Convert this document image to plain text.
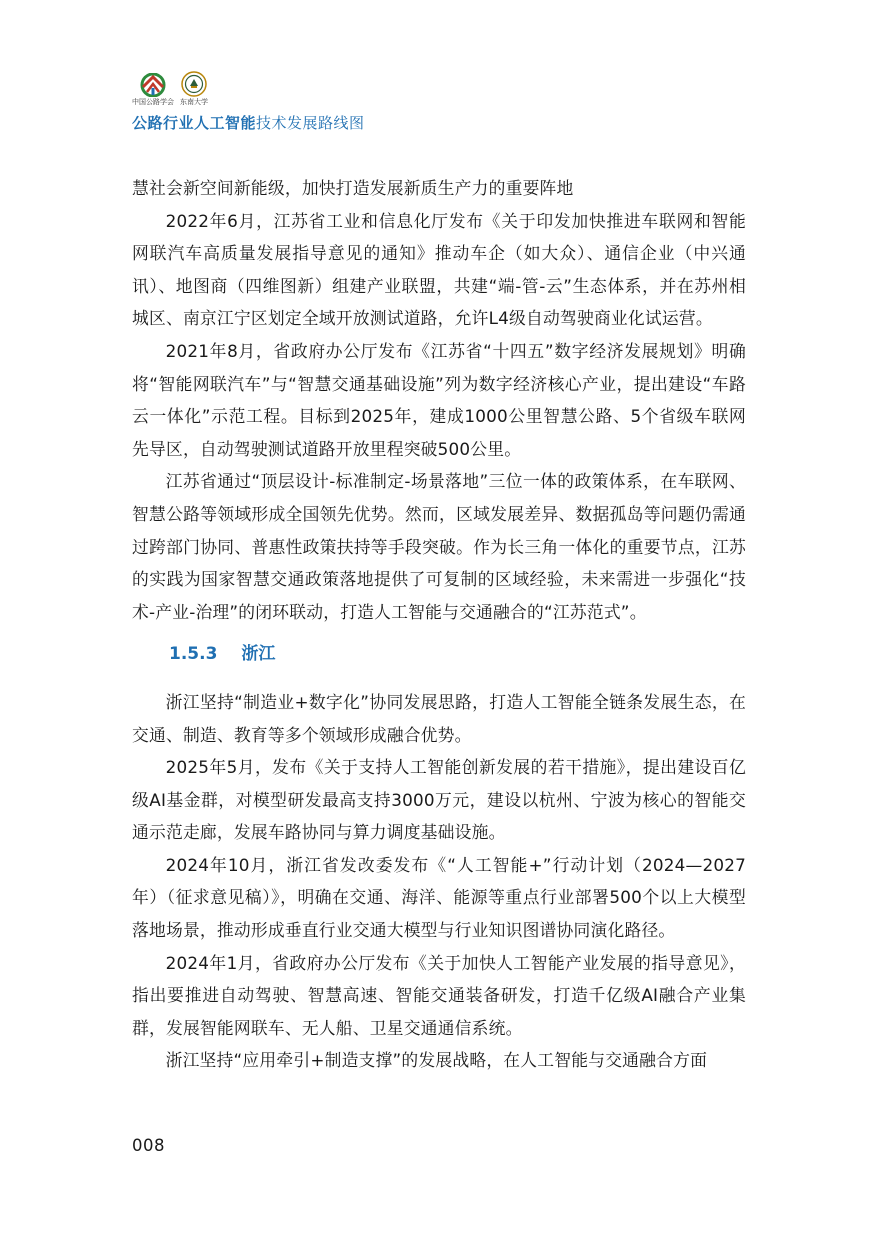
中国公路学会 东南大学
公路行业人工智能技术发展路线图

慧社会新空间新能级，加快打造发展新质生产力的重要阵地

2022年6月，江苏省工业和信息化厅发布《关于印发加快推进车联网和智能网联汽车高质量发展指导意见的通知》推动车企（如大众）、通信企业（中兴通讯）、地图商（四维图新）组建产业联盟，共建“端-管-云”生态体系，并在苏州相城区、南京江宁区划定全域开放测试道路，允许L4级自动驾驶商业化试运营。

2021年8月，省政府办公厅发布《江苏省“十四五”数字经济发展规划》明确将“智能网联汽车”与“智慧交通基础设施”列为数字经济核心产业，提出建设“车路云一体化”示范工程。目标到2025年，建成1000公里智慧公路、5个省级车联网先导区，自动驾驶测试道路开放里程突破500公里。

江苏省通过“顶层设计-标准制定-场景落地”三位一体的政策体系，在车联网、智慧公路等领域形成全国领先优势。然而，区域发展差异、数据孤岛等问题仍需通过跨部门协同、普惠性政策扶持等手段突破。作为长三角一体化的重要节点，江苏的实践为国家智慧交通政策落地提供了可复制的区域经验，未来需进一步强化“技术-产业-治理”的闭环联动，打造人工智能与交通融合的“江苏范式”。

1.5.3 浙江

浙江坚持“制造业+数字化”协同发展思路，打造人工智能全链条发展生态，在交通、制造、教育等多个领域形成融合优势。

2025年5月，发布《关于支持人工智能创新发展的若干措施》，提出建设百亿级AI基金群，对模型研发最高支持3000万元，建设以杭州、宁波为核心的智能交通示范走廊，发展车路协同与算力调度基础设施。

2024年10月，浙江省发改委发布《“人工智能+”行动计划（2024—2027年）（征求意见稿）》，明确在交通、海洋、能源等重点行业部署500个以上大模型落地场景，推动形成垂直行业交通大模型与行业知识图谱协同演化路径。

2024年1月，省政府办公厅发布《关于加快人工智能产业发展的指导意见》，指出要推进自动驾驶、智慧高速、智能交通装备研发，打造千亿级AI融合产业集群，发展智能网联车、无人船、卫星交通通信系统。

浙江坚持“应用牵引+制造支撑”的发展战略，在人工智能与交通融合方面

008
